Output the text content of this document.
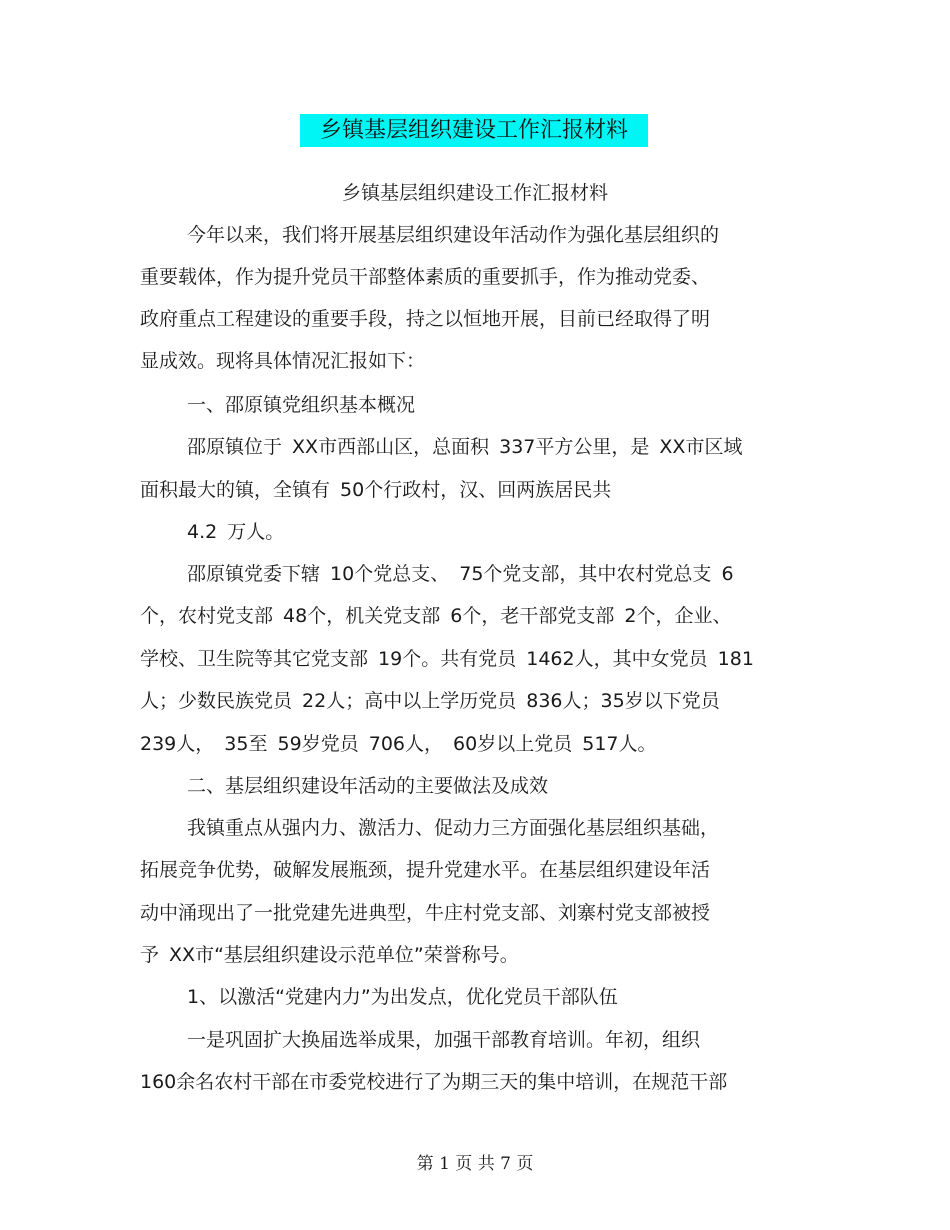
乡镇基层组织建设工作汇报材料
乡镇基层组织建设工作汇报材料
今年以来，我们将开展基层组织建设年活动作为强化基层组织的
重要载体，作为提升党员干部整体素质的重要抓手，作为推动党委、
政府重点工程建设的重要手段，持之以恒地开展，目前已经取得了明
显成效。现将具体情况汇报如下：
一、邵原镇党组织基本概况
邵原镇位于 XX市西部山区，总面积 337平方公里，是 XX市区域
面积最大的镇，全镇有 50个行政村，汉、回两族居民共
4.2 万人。
邵原镇党委下辖 10个党总支、 75个党支部，其中农村党总支 6
个，农村党支部 48个，机关党支部 6个，老干部党支部 2个，企业、
学校、卫生院等其它党支部 19个。共有党员 1462人，其中女党员 181
人；少数民族党员 22人；高中以上学历党员 836人；35岁以下党员
239人， 35至 59岁党员 706人， 60岁以上党员 517人。
二、基层组织建设年活动的主要做法及成效
我镇重点从强内力、激活力、促动力三方面强化基层组织基础，
拓展竞争优势，破解发展瓶颈，提升党建水平。在基层组织建设年活
动中涌现出了一批党建先进典型，牛庄村党支部、刘寨村党支部被授
予 XX市“基层组织建设示范单位”荣誉称号。
1、以激活“党建内力”为出发点，优化党员干部队伍
一是巩固扩大换届选举成果，加强干部教育培训。年初，组织
160余名农村干部在市委党校进行了为期三天的集中培训，在规范干部
第 1 页 共 7 页
